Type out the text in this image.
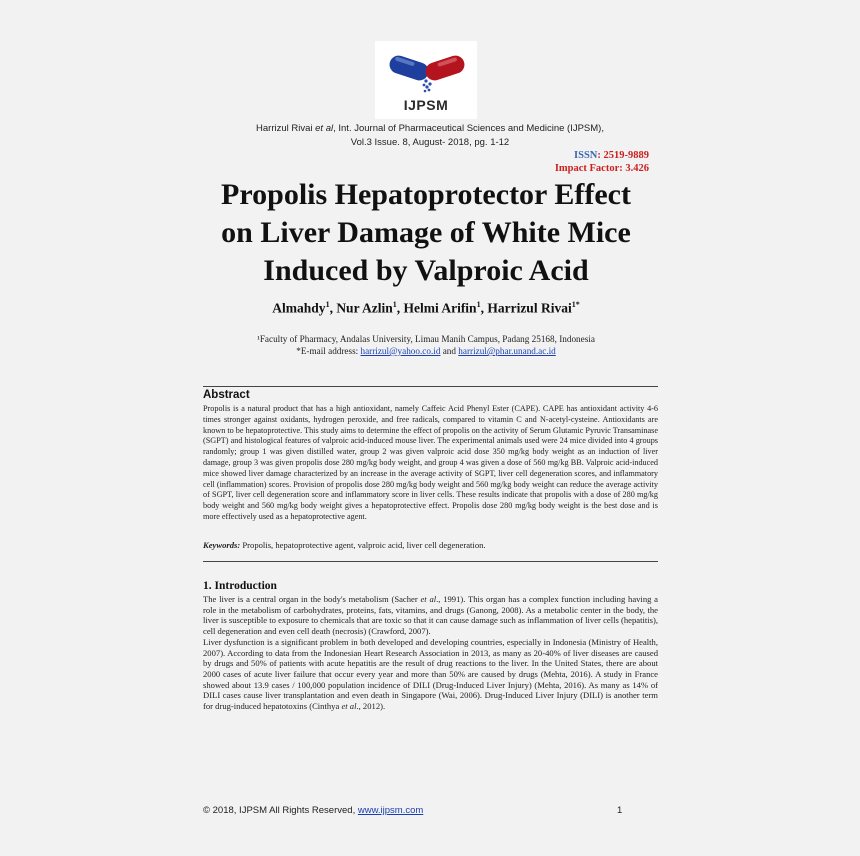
IJPSM
Harrizul Rivai et al, Int. Journal of Pharmaceutical Sciences and Medicine (IJPSM),
Vol.3 Issue. 8, August- 2018, pg. 1-12
ISSN: 2519-9889
Impact Factor: 3.426
Propolis Hepatoprotector Effect
on Liver Damage of White Mice
Induced by Valproic Acid
Almahdy$^1$, Nur Azlin$^1$, Helmi Arifin$^1$, Harrizul Rivai$^{1*}$
¹Faculty of Pharmacy, Andalas University, Limau Manih Campus, Padang 25168, Indonesia
*E-mail address: harrizul@yahoo.co.id and harrizul@phar.unand.ac.id
Abstract
Propolis is a natural product that has a high antioxidant, namely Caffeic Acid Phenyl Ester (CAPE). CAPE has antioxidant activity 4-6 times stronger against oxidants, hydrogen peroxide, and free radicals, compared to vitamin C and N-acetyl-cysteine. Antioxidants are known to be hepatoprotective. This study aims to determine the effect of propolis on the activity of Serum Glutamic Pyruvic Transaminase (SGPT) and histological features of valproic acid-induced mouse liver. The experimental animals used were 24 mice divided into 4 groups randomly; group 1 was given distilled water, group 2 was given valproic acid dose 350 mg/kg body weight as an induction of liver damage, group 3 was given propolis dose 280 mg/kg body weight, and group 4 was given a dose of 560 mg/kg BB. Valproic acid-induced mice showed liver damage characterized by an increase in the average activity of SGPT, liver cell degeneration scores, and inflammatory cell (inflammation) scores. Provision of propolis dose 280 mg/kg body weight and 560 mg/kg body weight can reduce the average activity of SGPT, liver cell degeneration score and inflammatory score in liver cells. These results indicate that propolis with a dose of 280 mg/kg body weight and 560 mg/kg body weight gives a hepatoprotective effect. Propolis dose 280 mg/kg body weight is the best dose and is more effectively used as a hepatoprotective agent.
Keywords: Propolis, hepatoprotective agent, valproic acid, liver cell degeneration.
1. Introduction

The liver is a central organ in the body's metabolism (Sacher et al., 1991). This organ has a complex function including having a role in the metabolism of carbohydrates, proteins, fats, vitamins, and drugs (Ganong, 2008). As a metabolic center in the body, the liver is susceptible to exposure to chemicals that are toxic so that it can cause damage such as inflammation of liver cells (hepatitis), cell degeneration and even cell death (necrosis) (Crawford, 2007).

Liver dysfunction is a significant problem in both developed and developing countries, especially in Indonesia (Ministry of Health, 2007). According to data from the Indonesian Heart Research Association in 2013, as many as 20-40% of liver diseases are caused by drugs and 50% of patients with acute hepatitis are the result of drug reactions to the liver. In the United States, there are about 2000 cases of acute liver failure that occur every year and more than 50% are caused by drugs (Mehta, 2016). A study in France showed about 13.9 cases / 100,000 population incidence of DILI (Drug-Induced Liver Injury) (Mehta, 2016). As many as 14% of DILI cases cause liver transplantation and even death in Singapore (Wai, 2006). Drug-Induced Liver Injury (DILI) is another term for drug-induced hepatotoxins (Cinthya et al., 2012).

© 2018, IJPSM All Rights Reserved, www.ijpsm.com	1
